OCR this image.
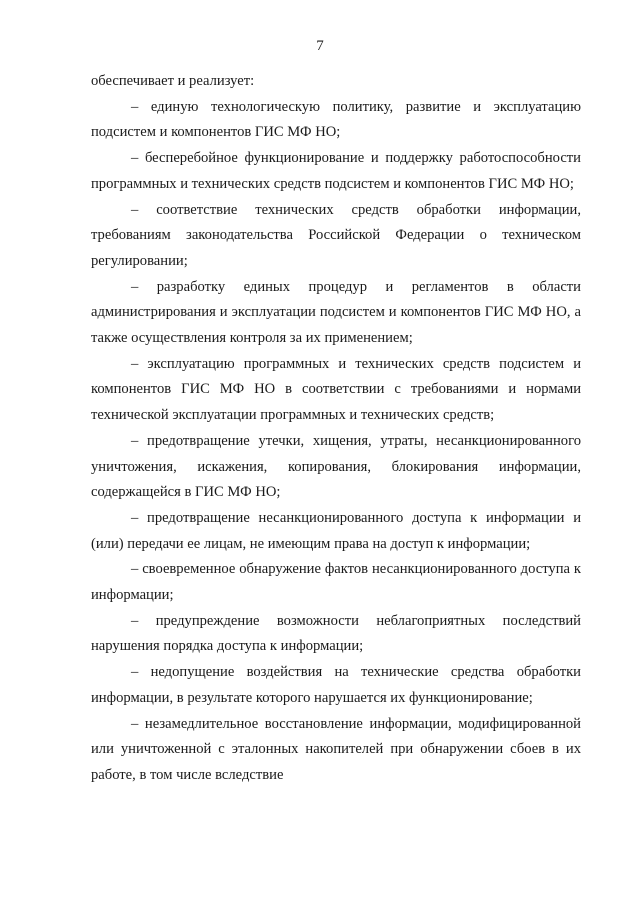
7

обеспечивает и реализует:

– единую технологическую политику, развитие и эксплуатацию подсистем и компонентов ГИС МФ НО;

– бесперебойное функционирование и поддержку работоспособности программных и технических средств подсистем и компонентов ГИС МФ НО;

– соответствие технических средств обработки информации, требованиям законодательства Российской Федерации о техническом регулировании;

– разработку единых процедур и регламентов в области администрирования и эксплуатации подсистем и компонентов ГИС МФ НО, а также осуществления контроля за их применением;

– эксплуатацию программных и технических средств подсистем и компонентов ГИС МФ НО в соответствии с требованиями и нормами технической эксплуатации программных и технических средств;

– предотвращение утечки, хищения, утраты, несанкционированного уничтожения, искажения, копирования, блокирования информации, содержащейся в ГИС МФ НО;

– предотвращение несанкционированного доступа к информации и (или) передачи ее лицам, не имеющим права на доступ к информации;

– своевременное обнаружение фактов несанкционированного доступа к информации;

– предупреждение возможности неблагоприятных последствий нарушения порядка доступа к информации;

– недопущение воздействия на технические средства обработки информации, в результате которого нарушается их функционирование;

– незамедлительное восстановление информации, модифицированной или уничтоженной с эталонных накопителей при обнаружении сбоев в их работе, в том числе вследствие
